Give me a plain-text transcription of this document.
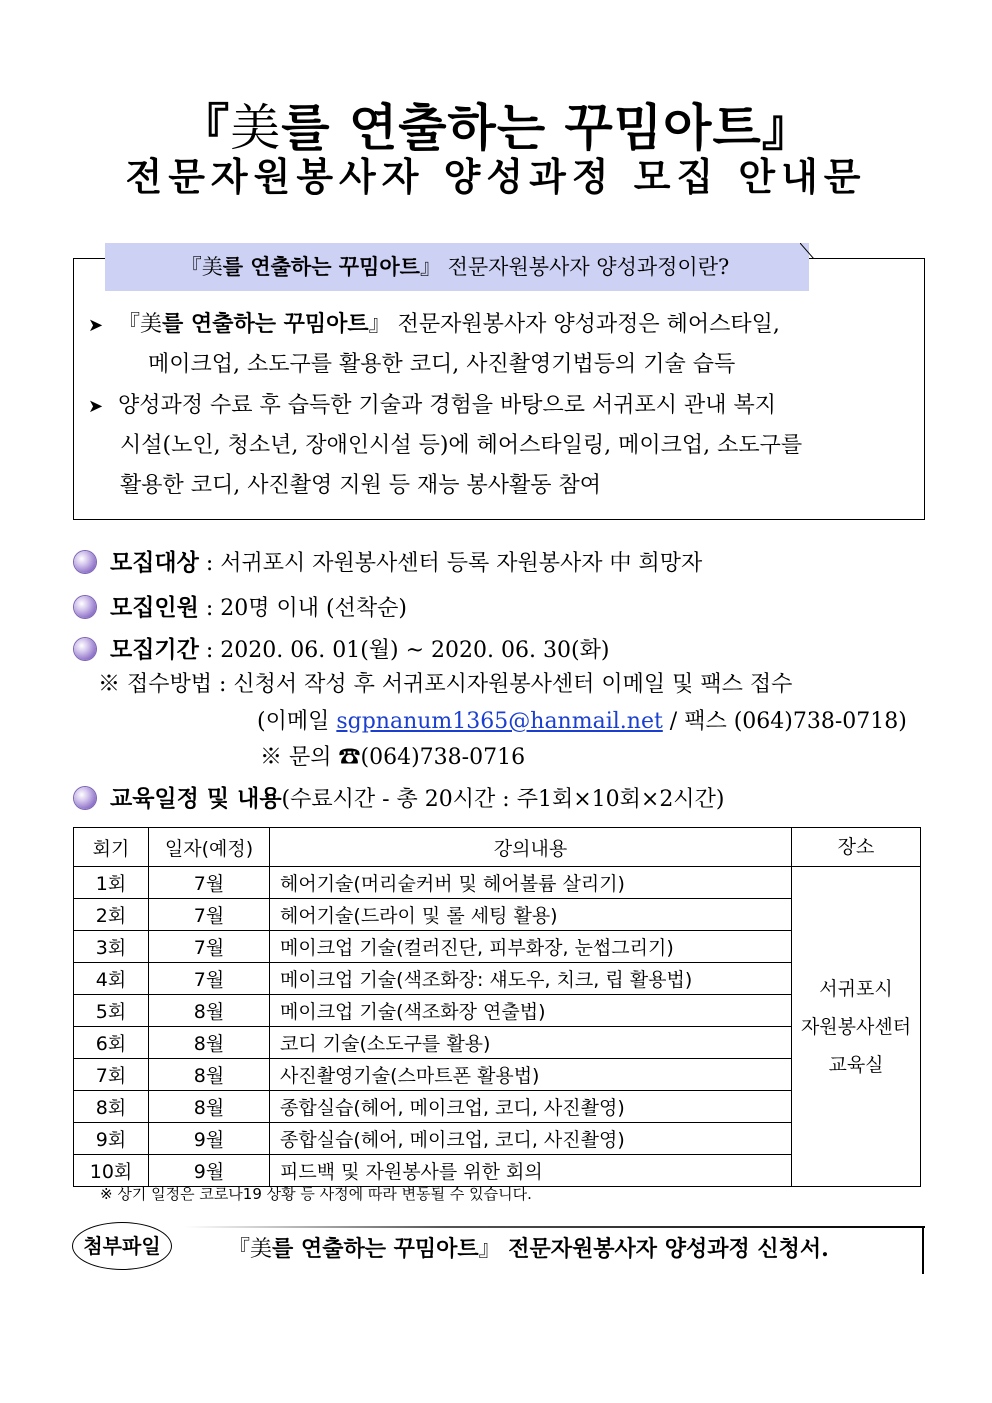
『美를 연출하는 꾸밈아트』
전문자원봉사자 양성과정 모집 안내문
『美를 연출하는 꾸밈아트』 전문자원봉사자 양성과정이란?
➤ 『美를 연출하는 꾸밈아트』 전문자원봉사자 양성과정은 헤어스타일,
메이크업, 소도구를 활용한 코디, 사진촬영기법등의 기술 습득
➤ 양성과정 수료 후 습득한 기술과 경험을 바탕으로 서귀포시 관내 복지
시설(노인, 청소년, 장애인시설 등)에 헤어스타일링, 메이크업, 소도구를
활용한 코디, 사진촬영 지원 등 재능 봉사활동 참여
모집대상 : 서귀포시 자원봉사센터 등록 자원봉사자 中 희망자
모집인원 : 20명 이내 (선착순)
모집기간 : 2020. 06. 01(월) ~ 2020. 06. 30(화)
※ 접수방법 : 신청서 작성 후 서귀포시자원봉사센터 이메일 및 팩스 접수
(이메일 sgpnanum1365@hanmail.net / 팩스 (064)738-0718)
※ 문의 ☎(064)738-0716
교육일정 및 내용(수료시간 - 총 20시간 : 주1회×10회×2시간)
회기	일자(예정)	강의내용	장소
1회	7월	헤어기술(머리숱커버 및 헤어볼륨 살리기)	서귀포시
자원봉사센터
교육실
2회	7월	헤어기술(드라이 및 롤 세팅 활용)	
3회	7월	메이크업 기술(컬러진단, 피부화장, 눈썹그리기)	
4회	7월	메이크업 기술(색조화장: 섀도우, 치크, 립 활용법)	
5회	8월	메이크업 기술(색조화장 연출법)	
6회	8월	코디 기술(소도구를 활용)	
7회	8월	사진촬영기술(스마트폰 활용법)	
8회	8월	종합실습(헤어, 메이크업, 코디, 사진촬영)	
9회	9월	종합실습(헤어, 메이크업, 코디, 사진촬영)	
10회	9월	피드백 및 자원봉사를 위한 회의	
※ 상기 일정은 코로나19 상황 등 사정에 따라 변동될 수 있습니다.
첨부파일	『美를 연출하는 꾸밈아트』 전문자원봉사자 양성과정 신청서.
